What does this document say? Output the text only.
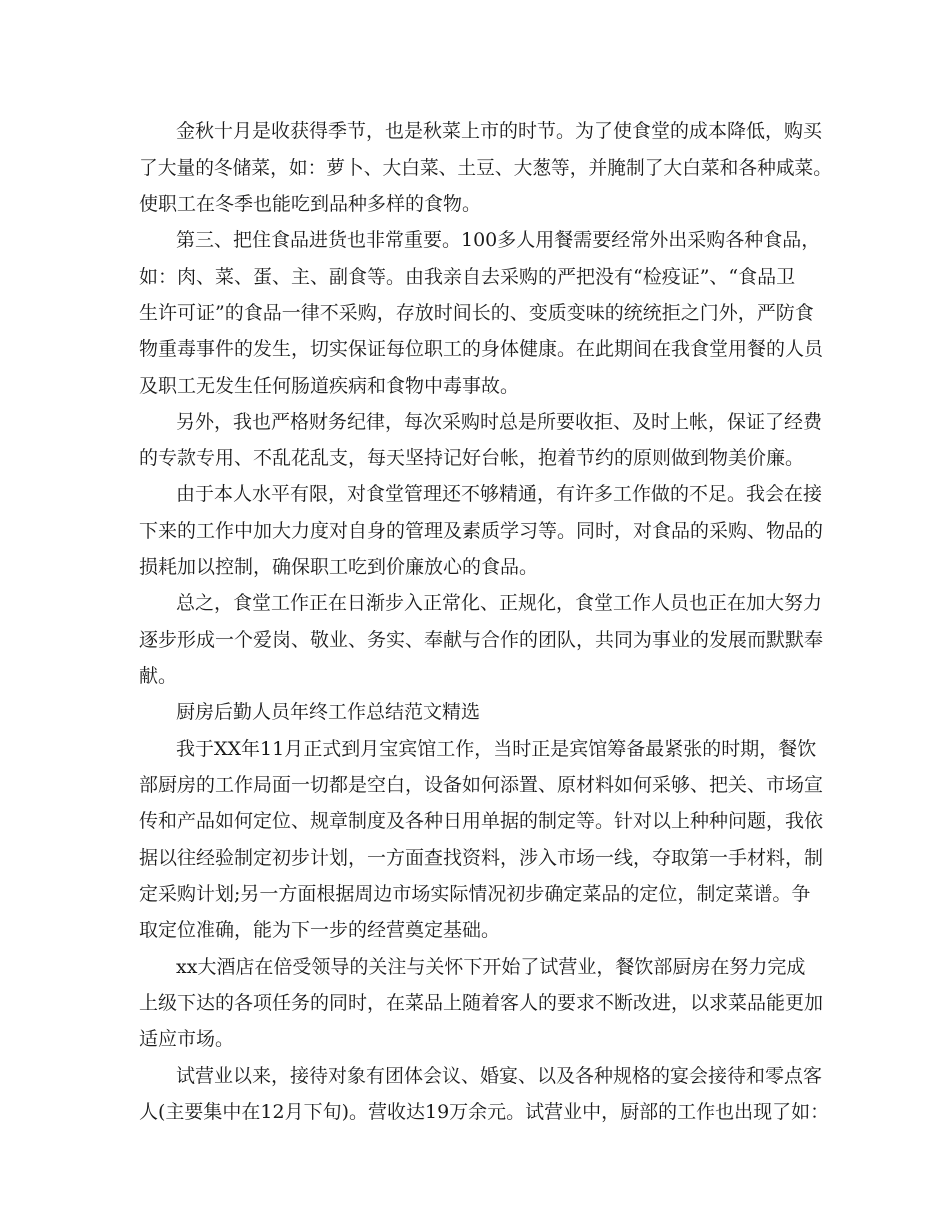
金秋十月是收获得季节，也是秋菜上市的时节。为了使食堂的成本降低，购买
了大量的冬储菜，如：萝卜、大白菜、土豆、大葱等，并腌制了大白菜和各种咸菜。
使职工在冬季也能吃到品种多样的食物。
第三、把住食品进货也非常重要。100多人用餐需要经常外出采购各种食品，
如：肉、菜、蛋、主、副食等。由我亲自去采购的严把没有“检疫证”、“食品卫
生许可证”的食品一律不采购，存放时间长的、变质变味的统统拒之门外，严防食
物重毒事件的发生，切实保证每位职工的身体健康。在此期间在我食堂用餐的人员
及职工无发生任何肠道疾病和食物中毒事故。
另外，我也严格财务纪律，每次采购时总是所要收拒、及时上帐，保证了经费
的专款专用、不乱花乱支，每天坚持记好台帐，抱着节约的原则做到物美价廉。
由于本人水平有限，对食堂管理还不够精通，有许多工作做的不足。我会在接
下来的工作中加大力度对自身的管理及素质学习等。同时，对食品的采购、物品的
损耗加以控制，确保职工吃到价廉放心的食品。
总之，食堂工作正在日渐步入正常化、正规化，食堂工作人员也正在加大努力
逐步形成一个爱岗、敬业、务实、奉献与合作的团队，共同为事业的发展而默默奉
献。
厨房后勤人员年终工作总结范文精选
我于XX年11月正式到月宝宾馆工作，当时正是宾馆筹备最紧张的时期，餐饮
部厨房的工作局面一切都是空白，设备如何添置、原材料如何采够、把关、市场宣
传和产品如何定位、规章制度及各种日用单据的制定等。针对以上种种问题，我依
据以往经验制定初步计划，一方面查找资料，涉入市场一线，夺取第一手材料，制
定采购计划;另一方面根据周边市场实际情况初步确定菜品的定位，制定菜谱。争
取定位准确，能为下一步的经营奠定基础。
xx大酒店在倍受领导的关注与关怀下开始了试营业，餐饮部厨房在努力完成
上级下达的各项任务的同时，在菜品上随着客人的要求不断改进，以求菜品能更加
适应市场。
试营业以来，接待对象有团体会议、婚宴、以及各种规格的宴会接待和零点客
人(主要集中在12月下旬)。营收达19万余元。试营业中，厨部的工作也出现了如：
